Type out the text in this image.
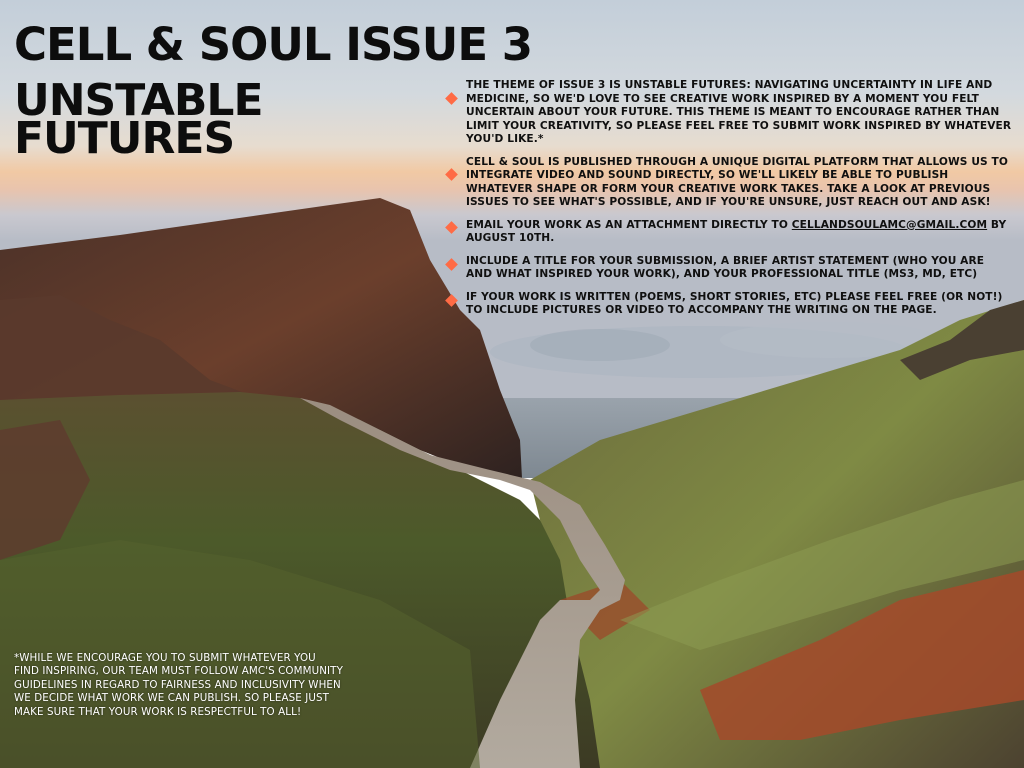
CELL & SOUL ISSUE 3
UNSTABLE
FUTURES
THE THEME OF ISSUE 3 IS UNSTABLE FUTURES: NAVIGATING UNCERTAINTY IN LIFE AND MEDICINE, SO WE'D LOVE TO SEE CREATIVE WORK INSPIRED BY A MOMENT YOU FELT UNCERTAIN ABOUT YOUR FUTURE. THIS THEME IS MEANT TO ENCOURAGE RATHER THAN LIMIT YOUR CREATIVITY, SO PLEASE FEEL FREE TO SUBMIT WORK INSPIRED BY WHATEVER YOU'D LIKE.*
CELL & SOUL IS PUBLISHED THROUGH A UNIQUE DIGITAL PLATFORM THAT ALLOWS US TO INTEGRATE VIDEO AND SOUND DIRECTLY, SO WE'LL LIKELY BE ABLE TO PUBLISH WHATEVER SHAPE OR FORM YOUR CREATIVE WORK TAKES. TAKE A LOOK AT PREVIOUS ISSUES TO SEE WHAT'S POSSIBLE, AND IF YOU'RE UNSURE, JUST REACH OUT AND ASK!
EMAIL YOUR WORK AS AN ATTACHMENT DIRECTLY TO CELLANDSOULAMC@GMAIL.COM BY AUGUST 10TH.
INCLUDE A TITLE FOR YOUR SUBMISSION, A BRIEF ARTIST STATEMENT (WHO YOU ARE AND WHAT INSPIRED YOUR WORK), AND YOUR PROFESSIONAL TITLE (MS3, MD, ETC)
IF YOUR WORK IS WRITTEN (POEMS, SHORT STORIES, ETC) PLEASE FEEL FREE (OR NOT!) TO INCLUDE PICTURES OR VIDEO TO ACCOMPANY THE WRITING ON THE PAGE.

*WHILE WE ENCOURAGE YOU TO SUBMIT WHATEVER YOU FIND INSPIRING, OUR TEAM MUST FOLLOW AMC'S COMMUNITY GUIDELINES IN REGARD TO FAIRNESS AND INCLUSIVITY WHEN WE DECIDE WHAT WORK WE CAN PUBLISH. SO PLEASE JUST MAKE SURE THAT YOUR WORK IS RESPECTFUL TO ALL!
